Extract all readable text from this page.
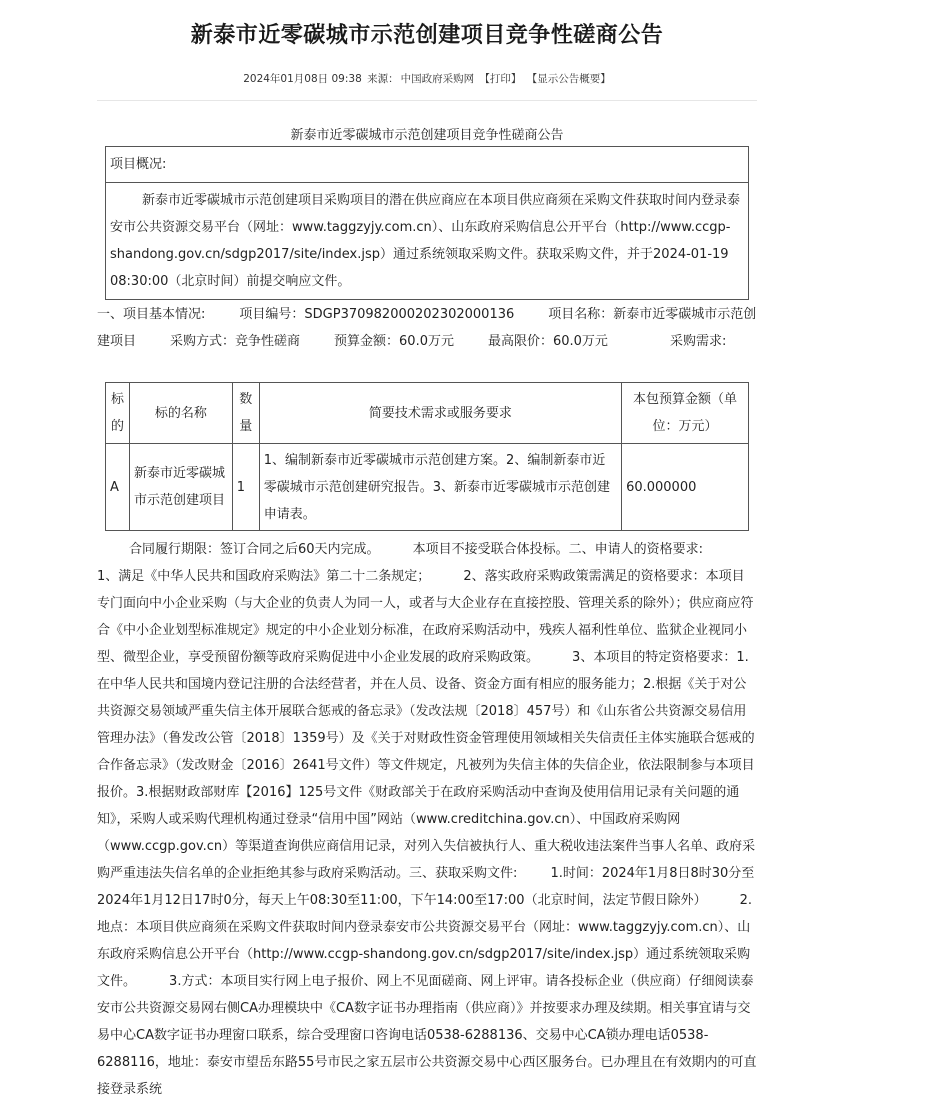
新泰市近零碳城市示范创建项目竞争性磋商公告
2024年01月08日 09:38 来源： 中国政府采购网 【打印】 【显示公告概要】
新泰市近零碳城市示范创建项目竞争性磋商公告
项目概况:
新泰市近零碳城市示范创建项目采购项目的潜在供应商应在本项目供应商须在采购文件获取时间内登录泰安市公共资源交易平台（网址：www.taggzyjy.com.cn）、山东政府采购信息公开平台（http://www.ccgp-shandong.gov.cn/sdgp2017/site/index.jsp）通过系统领取采购文件。获取采购文件，并于2024-01-19 08:30:00（北京时间）前提交响应文件。
一、项目基本情况:	项目编号：SDGP370982000202302000136	项目名称：新泰市近零碳城市示范创建项目	采购方式：竞争性磋商	预算金额：60.0万元	最高限价：60.0万元	采购需求:
标的	标的名称	数量	简要技术需求或服务要求	本包预算金额（单位：万元）
A	新泰市近零碳城市示范创建项目	1	1、编制新泰市近零碳城市示范创建方案。2、编制新泰市近零碳城市示范创建研究报告。3、新泰市近零碳城市示范创建申请表。	60.000000
合同履行期限：签订合同之后60天内完成。        本项目不接受联合体投标。二、申请人的资格要求:        1、满足《中华人民共和国政府采购法》第二十二条规定；        2、落实政府采购政策需满足的资格要求：本项目专门面向中小企业采购（与大企业的负责人为同一人，或者与大企业存在直接控股、管理关系的除外）；供应商应符合《中小企业划型标准规定》规定的中小企业划分标准，在政府采购活动中，残疾人福利性单位、监狱企业视同小型、微型企业，享受预留份额等政府采购促进中小企业发展的政府采购政策。        3、本项目的特定资格要求：1.在中华人民共和国境内登记注册的合法经营者，并在人员、设备、资金方面有相应的服务能力；2.根据《关于对公共资源交易领域严重失信主体开展联合惩戒的备忘录》（发改法规〔2018〕457号）和《山东省公共资源交易信用管理办法》（鲁发改公管〔2018〕1359号）及《关于对财政性资金管理使用领域相关失信责任主体实施联合惩戒的合作备忘录》（发改财金〔2016〕2641号文件）等文件规定，凡被列为失信主体的失信企业，依法限制参与本项目报价。3.根据财政部财库【2016】125号文件《财政部关于在政府采购活动中查询及使用信用记录有关问题的通知》，采购人或采购代理机构通过登录“信用中国”网站（www.creditchina.gov.cn）、中国政府采购网（www.ccgp.gov.cn）等渠道查询供应商信用记录，对列入失信被执行人、重大税收违法案件当事人名单、政府采购严重违法失信名单的企业拒绝其参与政府采购活动。三、获取采购文件:        1.时间：2024年1月8日8时30分至2024年1月12日17时0分，每天上午08:30至11:00，下午14:00至17:00（北京时间，法定节假日除外）        2.地点：本项目供应商须在采购文件获取时间内登录泰安市公共资源交易平台（网址：www.taggzyjy.com.cn）、山东政府采购信息公开平台（http://www.ccgp-shandong.gov.cn/sdgp2017/site/index.jsp）通过系统领取采购文件。        3.方式：本项目实行网上电子报价、网上不见面磋商、网上评审。请各投标企业（供应商）仔细阅读泰安市公共资源交易网右侧CA办理模块中《CA数字证书办理指南（供应商）》并按要求办理及续期。相关事宜请与交易中心CA数字证书办理窗口联系，综合受理窗口咨询电话0538-6288136、交易中心CA锁办理电话0538-6288116，地址：泰安市望岳东路55号市民之家五层市公共资源交易中心西区服务台。已办理且在有效期内的可直接登录系统
